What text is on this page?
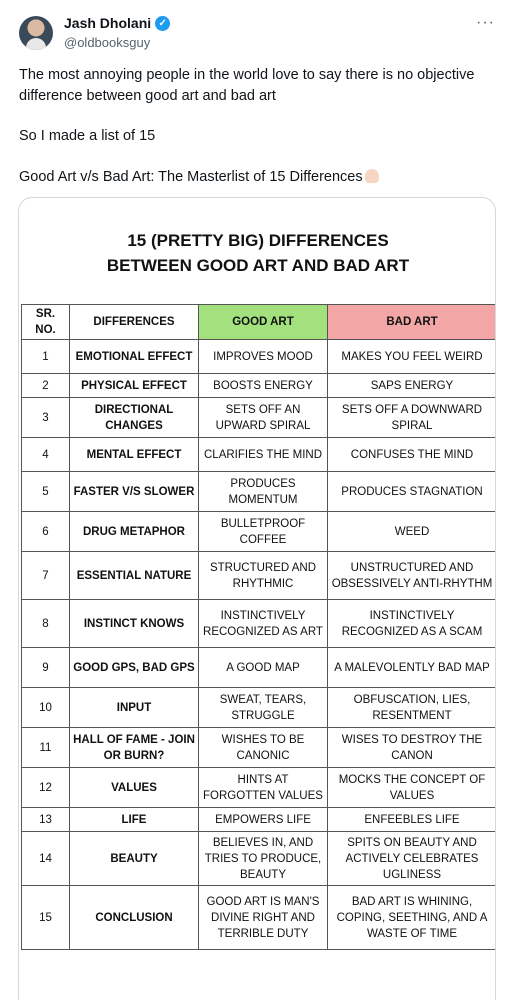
Jash Dholani ✓
@oldbooksguy
···
The most annoying people in the world love to say there is no objective difference between good art and bad art
So I made a list of 15
Good Art v/s Bad Art: The Masterlist of 15 Differences
15 (PRETTY BIG) DIFFERENCES
BETWEEN GOOD ART AND BAD ART
SR. NO.	DIFFERENCES	GOOD ART	BAD ART
1	EMOTIONAL EFFECT	IMPROVES MOOD	MAKES YOU FEEL WEIRD
2	PHYSICAL EFFECT	BOOSTS ENERGY	SAPS ENERGY
3	DIRECTIONAL CHANGES	SETS OFF AN UPWARD SPIRAL	SETS OFF A DOWNWARD SPIRAL
4	MENTAL EFFECT	CLARIFIES THE MIND	CONFUSES THE MIND
5	FASTER V/S SLOWER	PRODUCES MOMENTUM	PRODUCES STAGNATION
6	DRUG METAPHOR	BULLETPROOF COFFEE	WEED
7	ESSENTIAL NATURE	STRUCTURED AND RHYTHMIC	UNSTRUCTURED AND OBSESSIVELY ANTI-RHYTHM
8	INSTINCT KNOWS	INSTINCTIVELY RECOGNIZED AS ART	INSTINCTIVELY RECOGNIZED AS A SCAM
9	GOOD GPS, BAD GPS	A GOOD MAP	A MALEVOLENTLY BAD MAP
10	INPUT	SWEAT, TEARS, STRUGGLE	OBFUSCATION, LIES, RESENTMENT
11	HALL OF FAME - JOIN OR BURN?	WISHES TO BE CANONIC	WISES TO DESTROY THE CANON
12	VALUES	HINTS AT FORGOTTEN VALUES	MOCKS THE CONCEPT OF VALUES
13	LIFE	EMPOWERS LIFE	ENFEEBLES LIFE
14	BEAUTY	BELIEVES IN, AND TRIES TO PRODUCE, BEAUTY	SPITS ON BEAUTY AND ACTIVELY CELEBRATES UGLINESS
15	CONCLUSION	GOOD ART IS MAN'S DIVINE RIGHT AND TERRIBLE DUTY	BAD ART IS WHINING, COPING, SEETHING, AND A WASTE OF TIME
